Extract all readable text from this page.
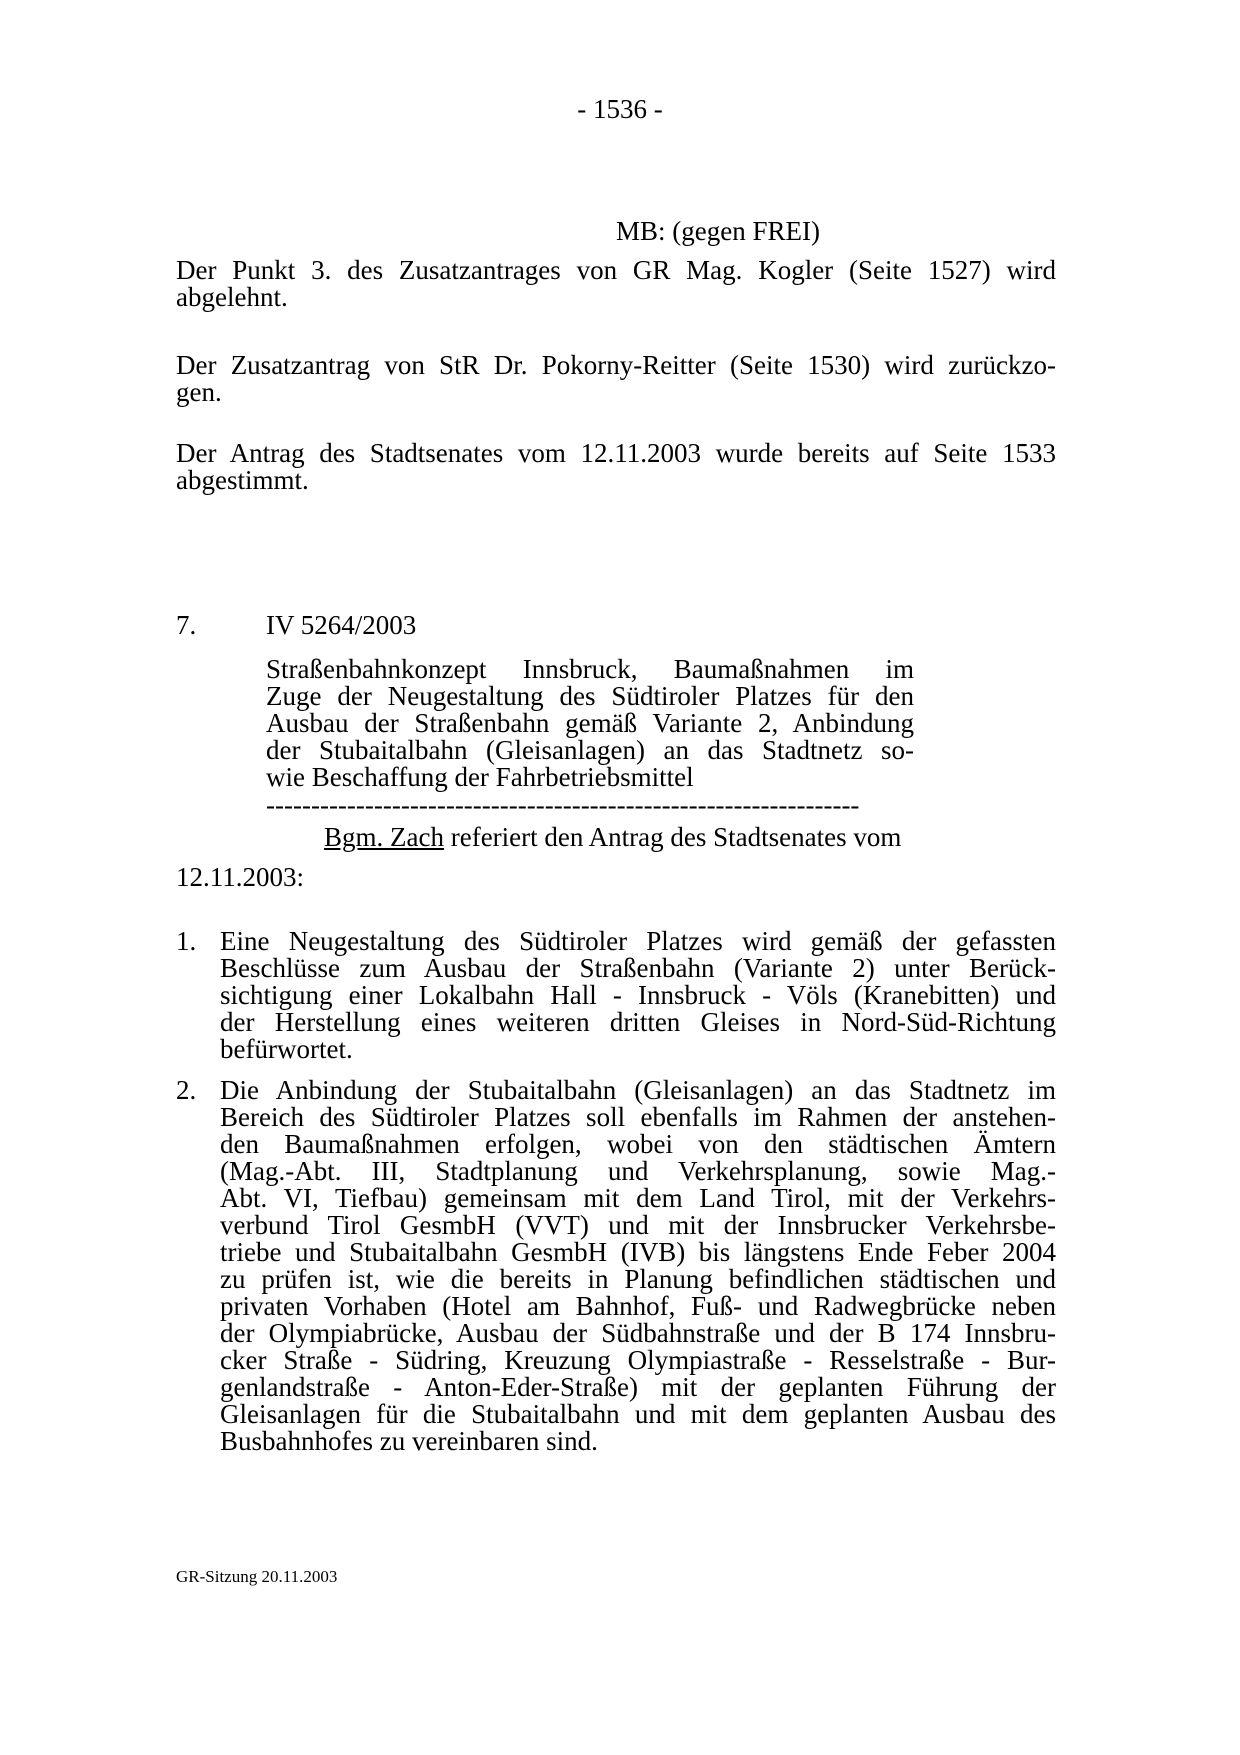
- 1536 -
MB: (gegen FREI)
Der Punkt 3. des Zusatzantrages von GR Mag. Kogler (Seite 1527) wird
abgelehnt.
Der Zusatzantrag von StR Dr. Pokorny-Reitter (Seite 1530) wird zurückzo-
gen.
Der Antrag des Stadtsenates vom 12.11.2003 wurde bereits auf Seite 1533
abgestimmt.
7.	IV 5264/2003
Straßenbahnkonzept Innsbruck, Baumaßnahmen im
Zuge der Neugestaltung des Südtiroler Platzes für den
Ausbau der Straßenbahn gemäß Variante 2, Anbindung
der Stubaitalbahn (Gleisanlagen) an das Stadtnetz so-
wie Beschaffung der Fahrbetriebsmittel
------------------------------------------------------------------
Bgm. Zach referiert den Antrag des Stadtsenates vom
12.11.2003:
1. Eine Neugestaltung des Südtiroler Platzes wird gemäß der gefassten
Beschlüsse zum Ausbau der Straßenbahn (Variante 2) unter Berück-
sichtigung einer Lokalbahn Hall - Innsbruck - Völs (Kranebitten) und
der Herstellung eines weiteren dritten Gleises in Nord-Süd-Richtung
befürwortet.
2. Die Anbindung der Stubaitalbahn (Gleisanlagen) an das Stadtnetz im
Bereich des Südtiroler Platzes soll ebenfalls im Rahmen der anstehen-
den Baumaßnahmen erfolgen, wobei von den städtischen Ämtern
(Mag.-Abt. III, Stadtplanung und Verkehrsplanung, sowie Mag.-
Abt. VI, Tiefbau) gemeinsam mit dem Land Tirol, mit der Verkehrs-
verbund Tirol GesmbH (VVT) und mit der Innsbrucker Verkehrsbe-
triebe und Stubaitalbahn GesmbH (IVB) bis längstens Ende Feber 2004
zu prüfen ist, wie die bereits in Planung befindlichen städtischen und
privaten Vorhaben (Hotel am Bahnhof, Fuß- und Radwegbrücke neben
der Olympiabrücke, Ausbau der Südbahnstraße und der B 174 Innsbru-
cker Straße - Südring, Kreuzung Olympiastraße - Resselstraße - Bur-
genlandstraße - Anton-Eder-Straße) mit der geplanten Führung der
Gleisanlagen für die Stubaitalbahn und mit dem geplanten Ausbau des
Busbahnhofes zu vereinbaren sind.
GR-Sitzung 20.11.2003
